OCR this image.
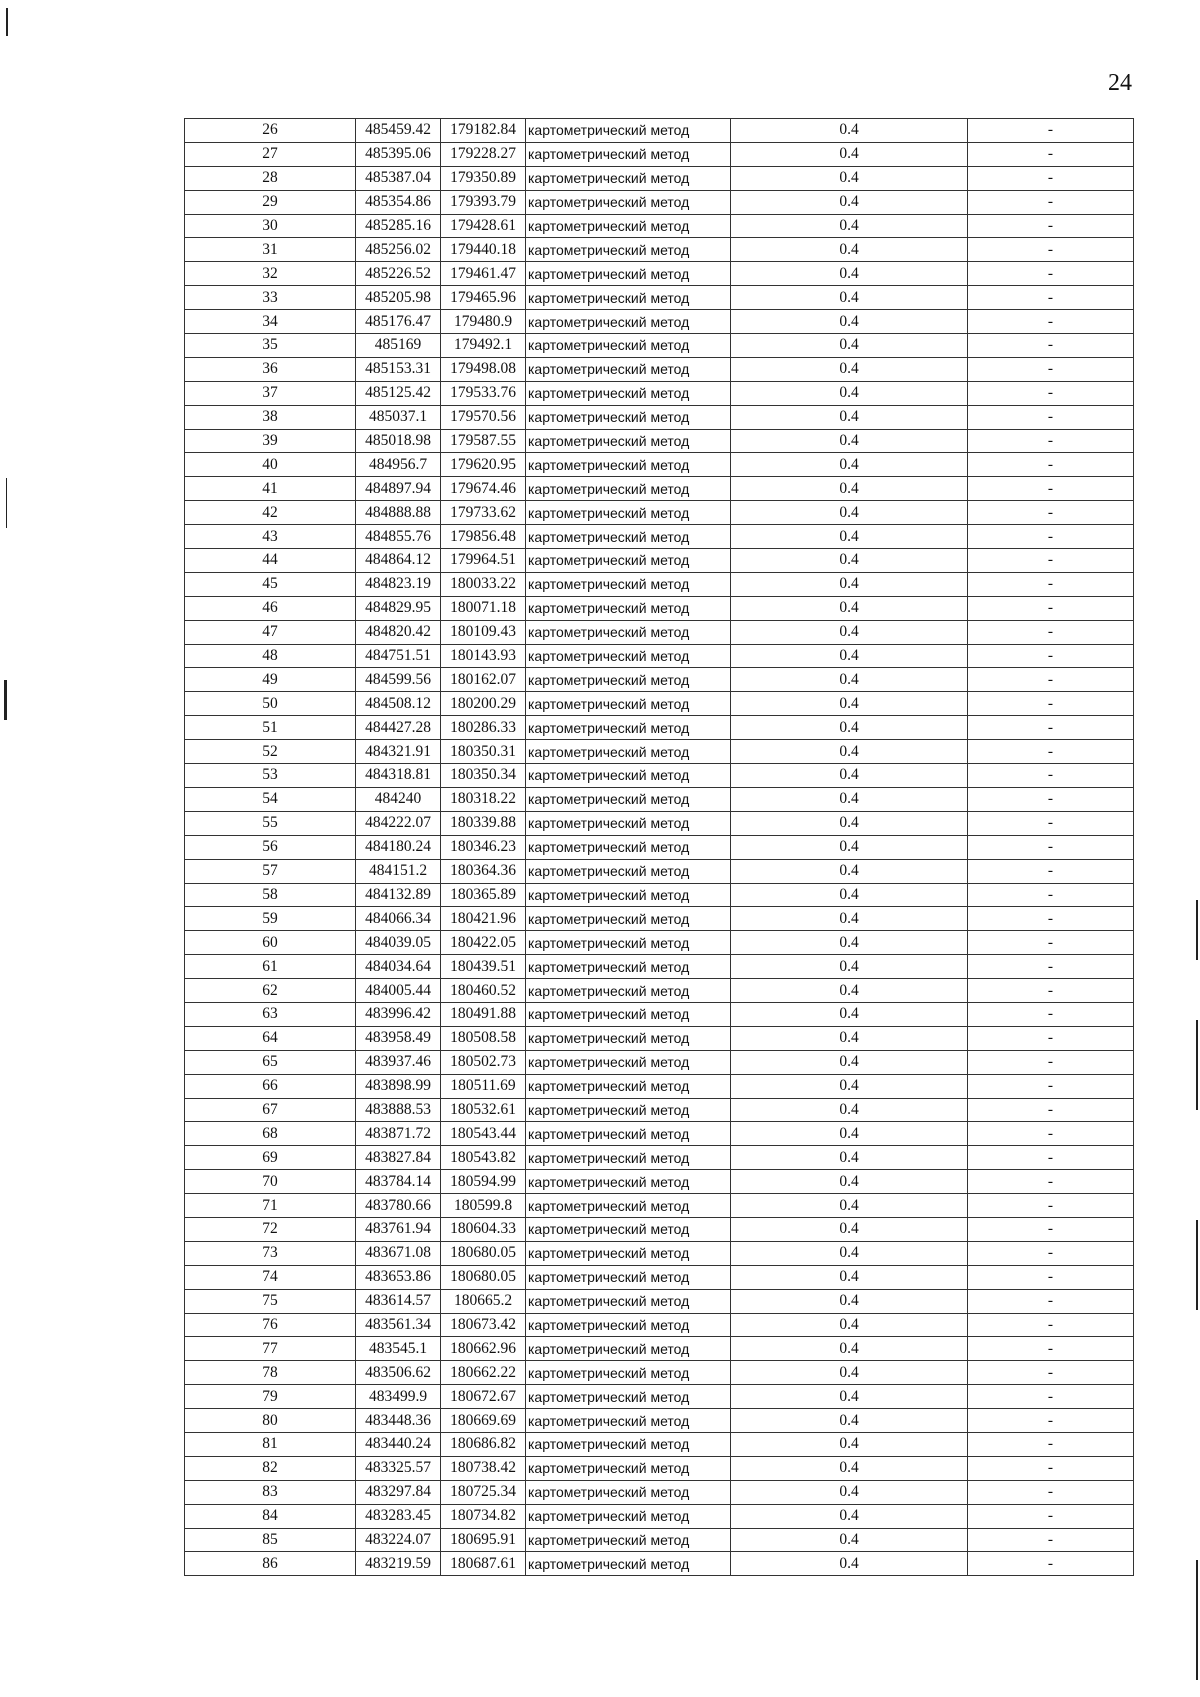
24
26	485459.42	179182.84	картометрический метод	0.4	-
27	485395.06	179228.27	картометрический метод	0.4	-
28	485387.04	179350.89	картометрический метод	0.4	-
29	485354.86	179393.79	картометрический метод	0.4	-
30	485285.16	179428.61	картометрический метод	0.4	-
31	485256.02	179440.18	картометрический метод	0.4	-
32	485226.52	179461.47	картометрический метод	0.4	-
33	485205.98	179465.96	картометрический метод	0.4	-
34	485176.47	179480.9	картометрический метод	0.4	-
35	485169	179492.1	картометрический метод	0.4	-
36	485153.31	179498.08	картометрический метод	0.4	-
37	485125.42	179533.76	картометрический метод	0.4	-
38	485037.1	179570.56	картометрический метод	0.4	-
39	485018.98	179587.55	картометрический метод	0.4	-
40	484956.7	179620.95	картометрический метод	0.4	-
41	484897.94	179674.46	картометрический метод	0.4	-
42	484888.88	179733.62	картометрический метод	0.4	-
43	484855.76	179856.48	картометрический метод	0.4	-
44	484864.12	179964.51	картометрический метод	0.4	-
45	484823.19	180033.22	картометрический метод	0.4	-
46	484829.95	180071.18	картометрический метод	0.4	-
47	484820.42	180109.43	картометрический метод	0.4	-
48	484751.51	180143.93	картометрический метод	0.4	-
49	484599.56	180162.07	картометрический метод	0.4	-
50	484508.12	180200.29	картометрический метод	0.4	-
51	484427.28	180286.33	картометрический метод	0.4	-
52	484321.91	180350.31	картометрический метод	0.4	-
53	484318.81	180350.34	картометрический метод	0.4	-
54	484240	180318.22	картометрический метод	0.4	-
55	484222.07	180339.88	картометрический метод	0.4	-
56	484180.24	180346.23	картометрический метод	0.4	-
57	484151.2	180364.36	картометрический метод	0.4	-
58	484132.89	180365.89	картометрический метод	0.4	-
59	484066.34	180421.96	картометрический метод	0.4	-
60	484039.05	180422.05	картометрический метод	0.4	-
61	484034.64	180439.51	картометрический метод	0.4	-
62	484005.44	180460.52	картометрический метод	0.4	-
63	483996.42	180491.88	картометрический метод	0.4	-
64	483958.49	180508.58	картометрический метод	0.4	-
65	483937.46	180502.73	картометрический метод	0.4	-
66	483898.99	180511.69	картометрический метод	0.4	-
67	483888.53	180532.61	картометрический метод	0.4	-
68	483871.72	180543.44	картометрический метод	0.4	-
69	483827.84	180543.82	картометрический метод	0.4	-
70	483784.14	180594.99	картометрический метод	0.4	-
71	483780.66	180599.8	картометрический метод	0.4	-
72	483761.94	180604.33	картометрический метод	0.4	-
73	483671.08	180680.05	картометрический метод	0.4	-
74	483653.86	180680.05	картометрический метод	0.4	-
75	483614.57	180665.2	картометрический метод	0.4	-
76	483561.34	180673.42	картометрический метод	0.4	-
77	483545.1	180662.96	картометрический метод	0.4	-
78	483506.62	180662.22	картометрический метод	0.4	-
79	483499.9	180672.67	картометрический метод	0.4	-
80	483448.36	180669.69	картометрический метод	0.4	-
81	483440.24	180686.82	картометрический метод	0.4	-
82	483325.57	180738.42	картометрический метод	0.4	-
83	483297.84	180725.34	картометрический метод	0.4	-
84	483283.45	180734.82	картометрический метод	0.4	-
85	483224.07	180695.91	картометрический метод	0.4	-
86	483219.59	180687.61	картометрический метод	0.4	-
